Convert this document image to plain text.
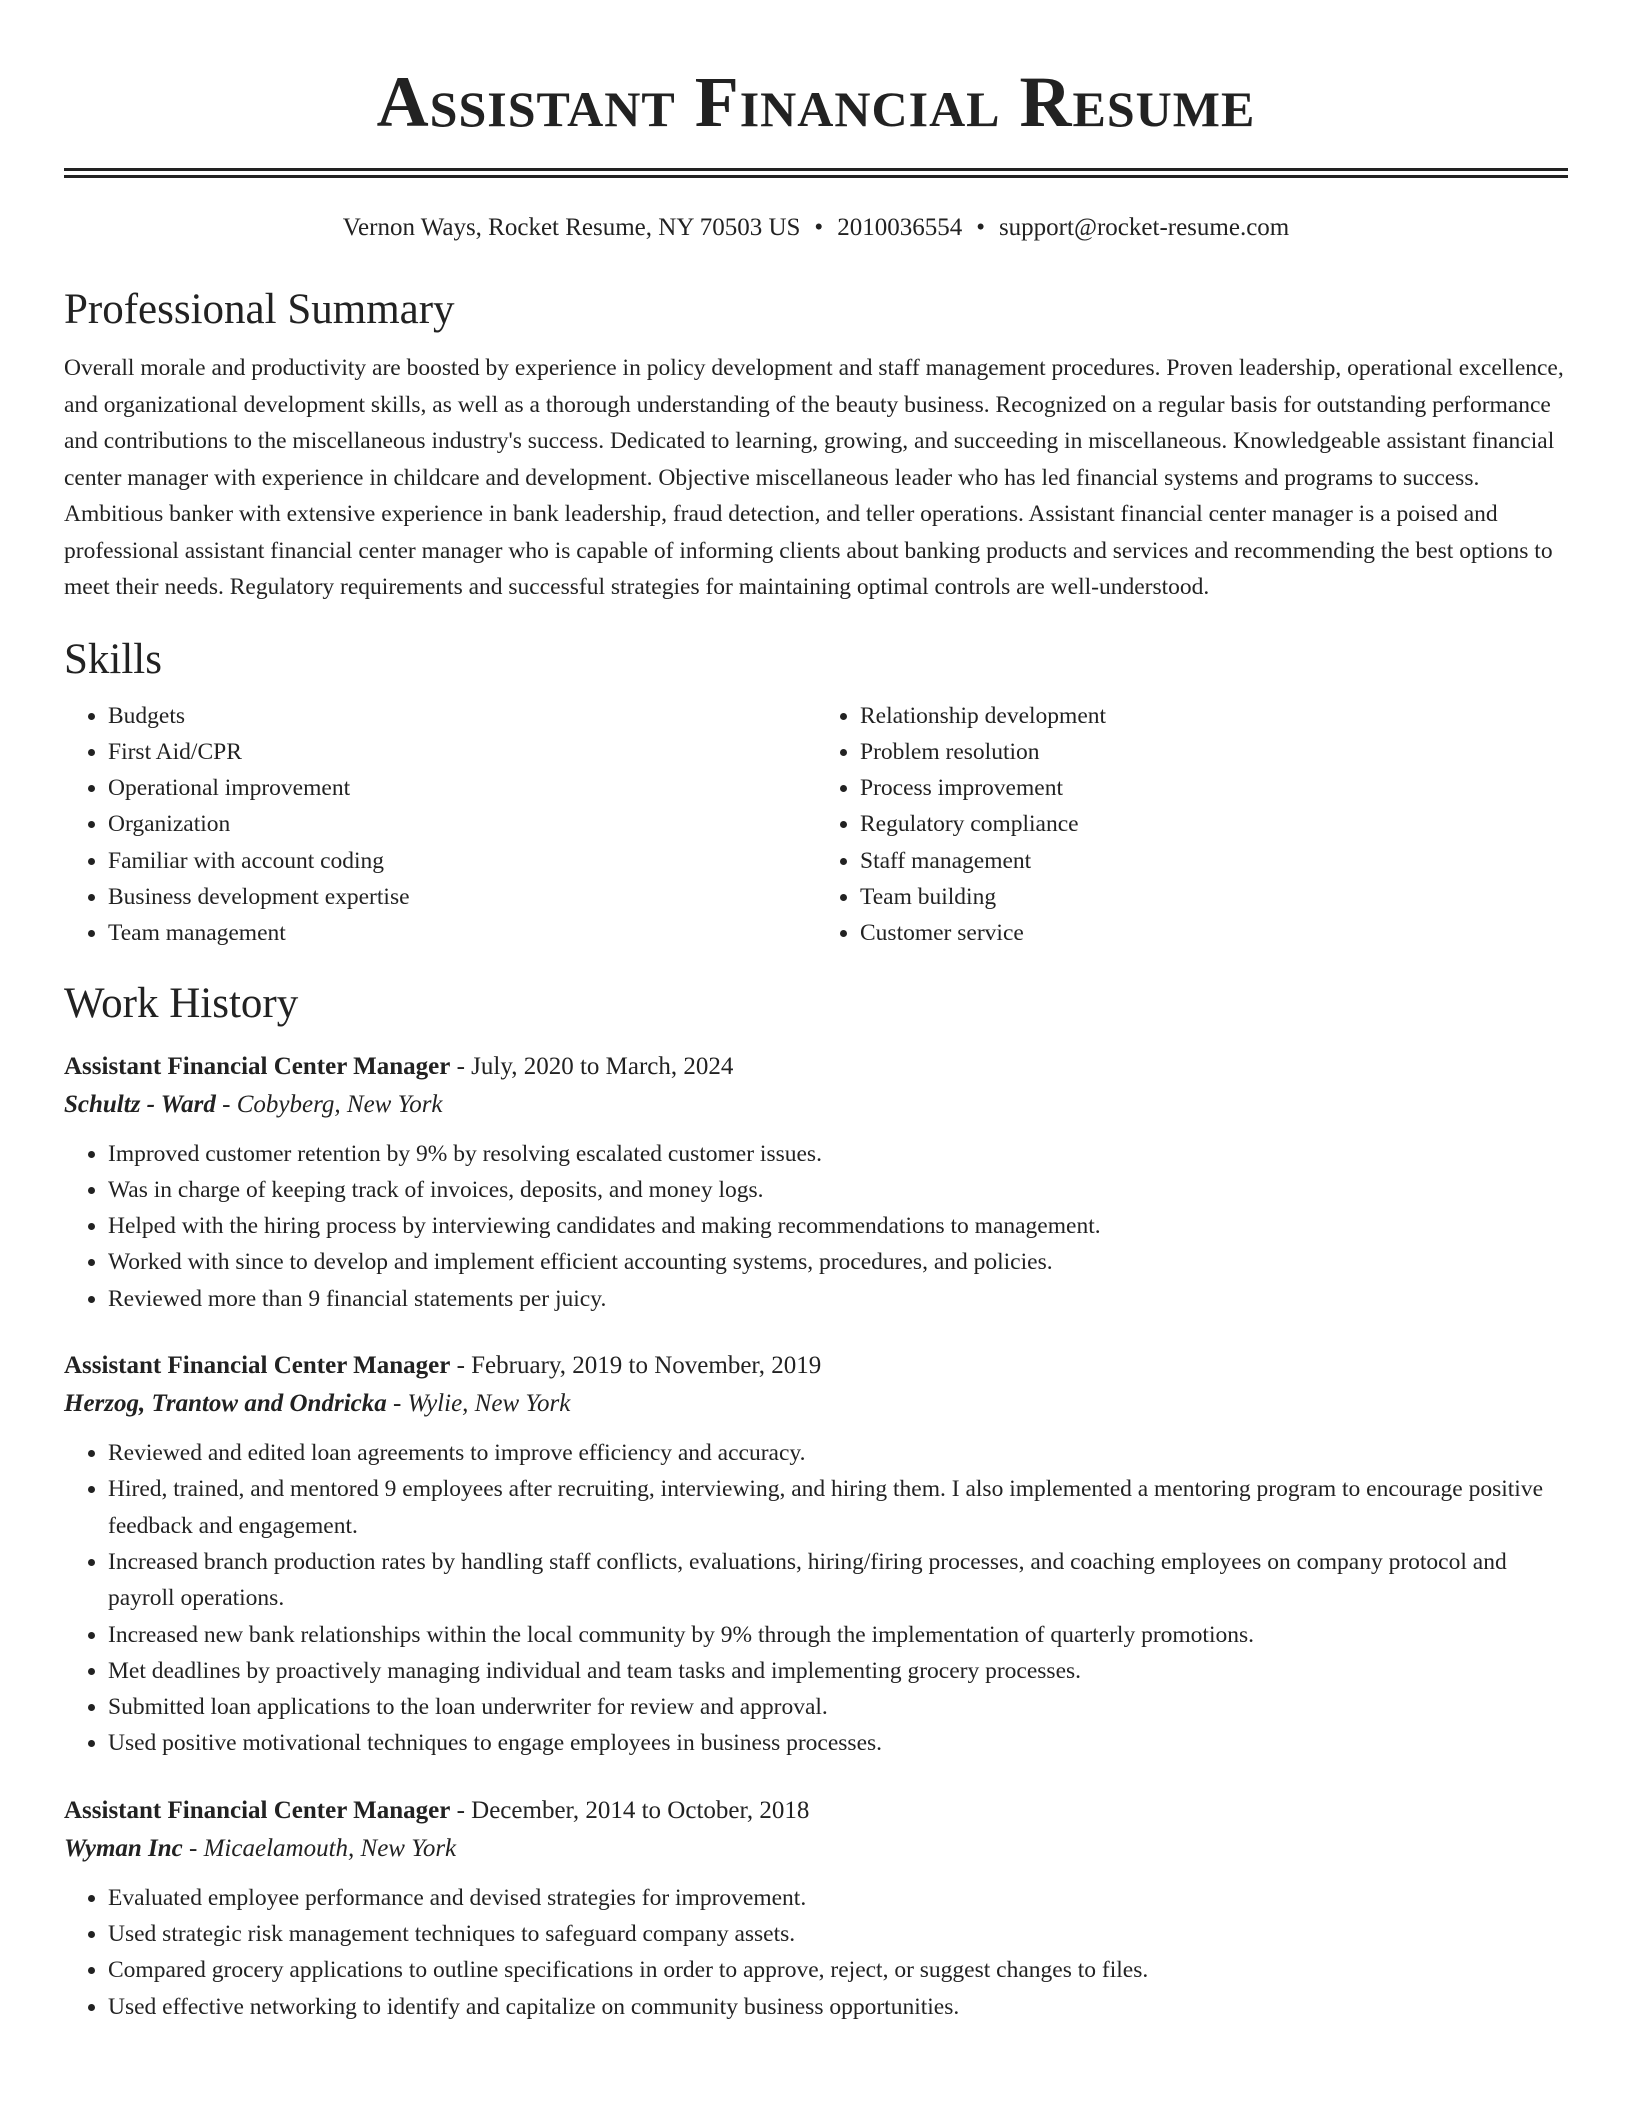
Assistant Financial Resume
Vernon Ways, Rocket Resume, NY 70503 US • 2010036554 • support@rocket-resume.com
Professional Summary

Overall morale and productivity are boosted by experience in policy development and staff management procedures. Proven leadership, operational excellence, and organizational development skills, as well as a thorough understanding of the beauty business. Recognized on a regular basis for outstanding performance and contributions to the miscellaneous industry's success. Dedicated to learning, growing, and succeeding in miscellaneous. Knowledgeable assistant financial center manager with experience in childcare and development. Objective miscellaneous leader who has led financial systems and programs to success. Ambitious banker with extensive experience in bank leadership, fraud detection, and teller operations. Assistant financial center manager is a poised and professional assistant financial center manager who is capable of informing clients about banking products and services and recommending the best options to meet their needs. Regulatory requirements and successful strategies for maintaining optimal controls are well-understood.

Skills
• Budgets
• First Aid/CPR
• Operational improvement
• Organization
• Familiar with account coding
• Business development expertise
• Team management
• Relationship development
• Problem resolution
• Process improvement
• Regulatory compliance
• Staff management
• Team building
• Customer service
Work History
Assistant Financial Center Manager - July, 2020 to March, 2024
Schultz - Ward - Cobyberg, New York
• Improved customer retention by 9% by resolving escalated customer issues.
• Was in charge of keeping track of invoices, deposits, and money logs.
• Helped with the hiring process by interviewing candidates and making recommendations to management.
• Worked with since to develop and implement efficient accounting systems, procedures, and policies.
• Reviewed more than 9 financial statements per juicy.
Assistant Financial Center Manager - February, 2019 to November, 2019
Herzog, Trantow and Ondricka - Wylie, New York
• Reviewed and edited loan agreements to improve efficiency and accuracy.
• Hired, trained, and mentored 9 employees after recruiting, interviewing, and hiring them. I also implemented a mentoring program to encourage positive feedback and engagement.
• Increased branch production rates by handling staff conflicts, evaluations, hiring/firing processes, and coaching employees on company protocol and payroll operations.
• Increased new bank relationships within the local community by 9% through the implementation of quarterly promotions.
• Met deadlines by proactively managing individual and team tasks and implementing grocery processes.
• Submitted loan applications to the loan underwriter for review and approval.
• Used positive motivational techniques to engage employees in business processes.
Assistant Financial Center Manager - December, 2014 to October, 2018
Wyman Inc - Micaelamouth, New York
• Evaluated employee performance and devised strategies for improvement.
• Used strategic risk management techniques to safeguard company assets.
• Compared grocery applications to outline specifications in order to approve, reject, or suggest changes to files.
• Used effective networking to identify and capitalize on community business opportunities.
